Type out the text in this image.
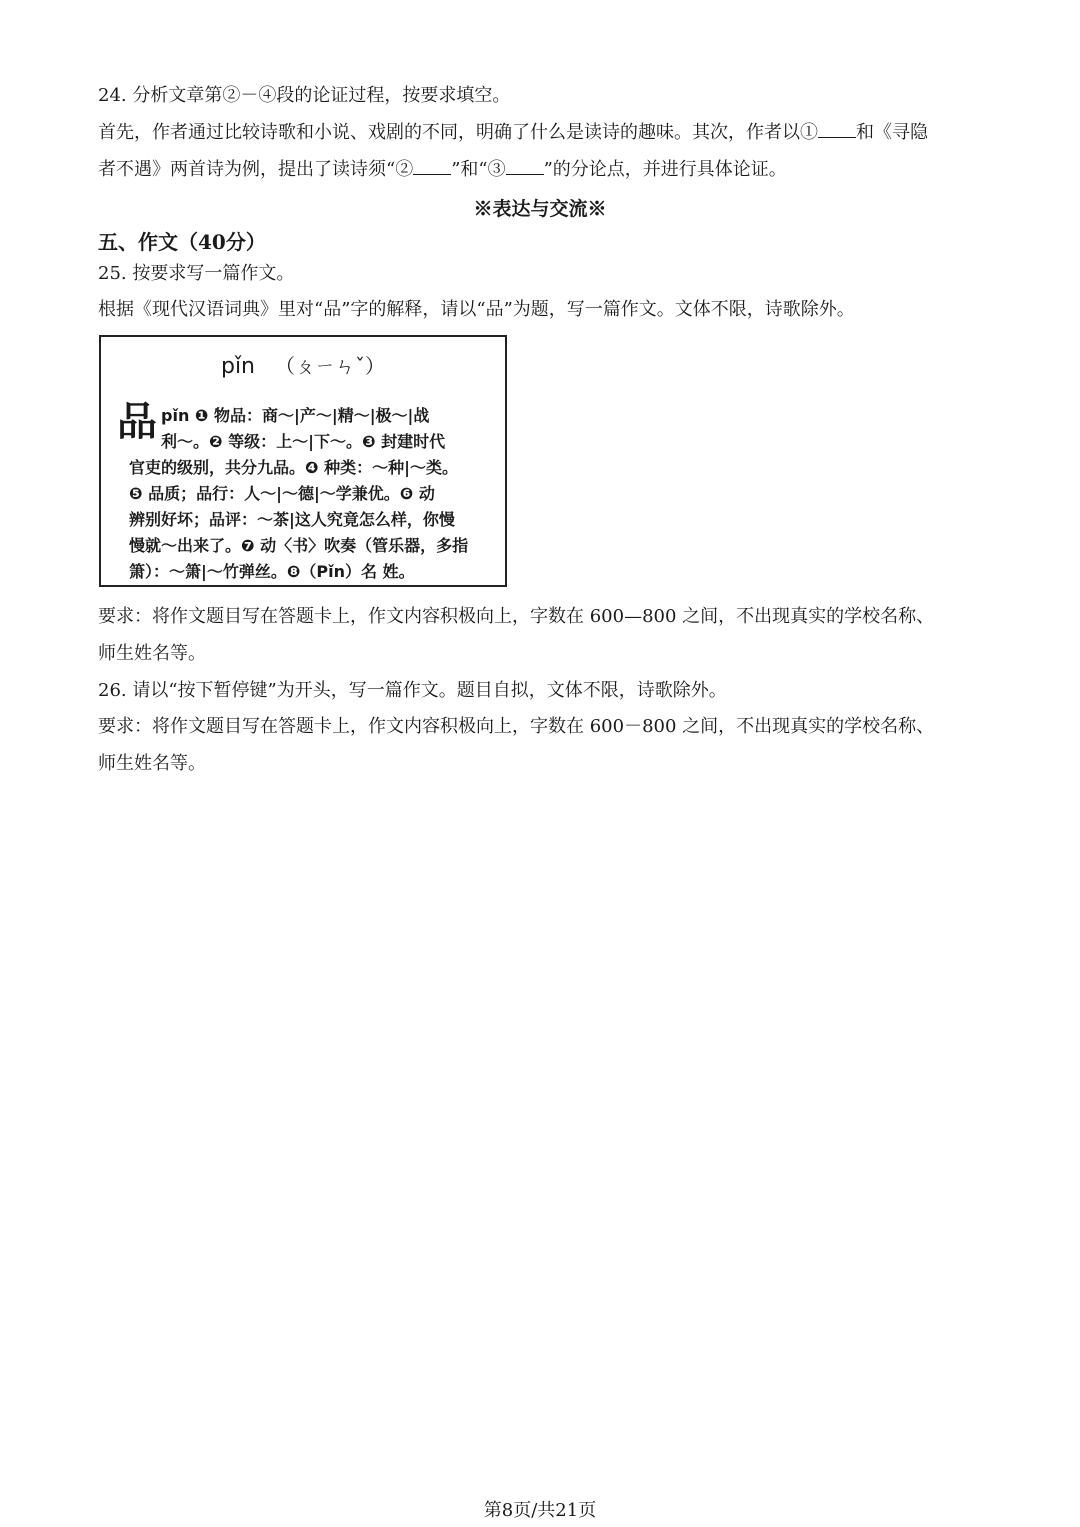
24. 分析文章第②－④段的论证过程，按要求填空。
首先，作者通过比较诗歌和小说、戏剧的不同，明确了什么是读诗的趣味。其次，作者以① 和《寻隐
者不遇》两首诗为例，提出了读诗须“② ”和“③ ”的分论点，并进行具体论证。
※表达与交流※
五、作文（40分）
25. 按要求写一篇作文。
根据《现代汉语词典》里对“品”字的解释，请以“品”为题，写一篇作文。文体不限，诗歌除外。
pǐn （ㄆㄧㄣˇ）
品 pǐn ❶ 物品：商～|产～|精～|极～|战
利～。❷ 等级：上～|下～。❸ 封建时代
官吏的级别，共分九品。❹ 种类：～种|～类。
❺ 品质；品行：人～|～德|～学兼优。❻ 动
辨别好坏；品评：～茶|这人究竟怎么样，你慢
慢就～出来了。❼ 动〈书〉吹奏（管乐器，多指
箫）：～箫|～竹弹丝。❽（Pǐn）名 姓。
要求：将作文题目写在答题卡上，作文内容积极向上，字数在 600—800 之间，不出现真实的学校名称、
师生姓名等。
26. 请以“按下暂停键”为开头，写一篇作文。题目自拟，文体不限，诗歌除外。
要求：将作文题目写在答题卡上，作文内容积极向上，字数在 600－800 之间，不出现真实的学校名称、
师生姓名等。
第8页/共21页
